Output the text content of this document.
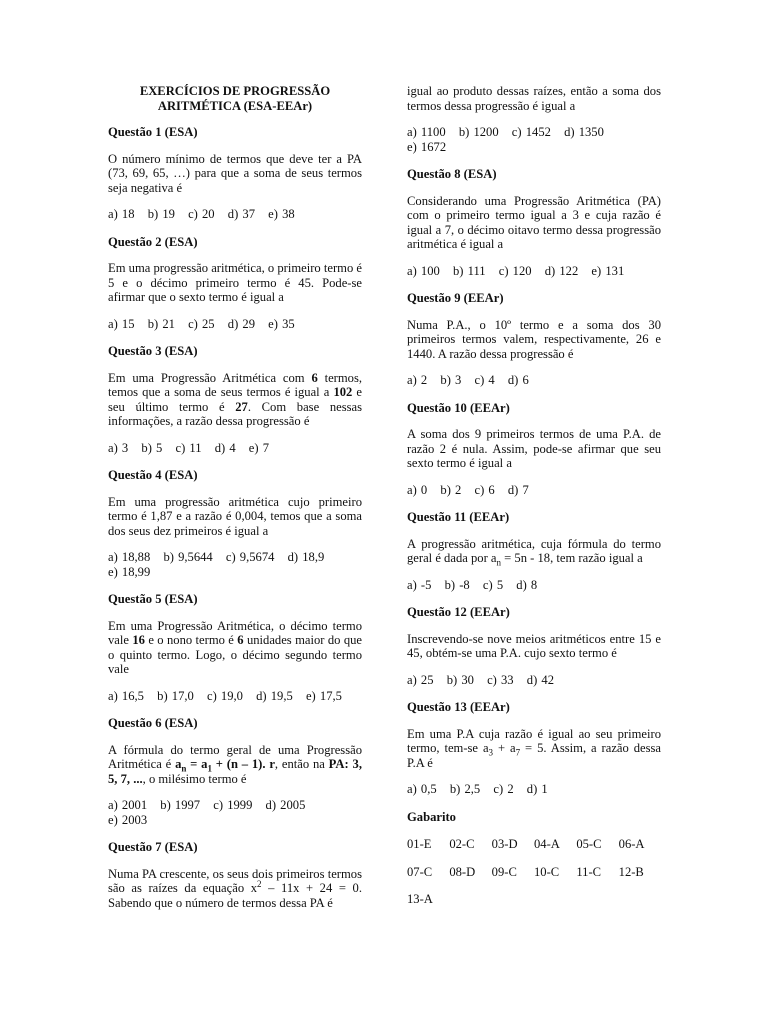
EXERCÍCIOS DE PROGRESSÃO
ARITMÉTICA (ESA-EEAr)
Questão 1 (ESA)
O número mínimo de termos que deve ter a PA (73, 69, 65, …) para que a soma de seus termos seja negativa é
a) 18 b) 19 c) 20 d) 37 e) 38
Questão 2 (ESA)
Em uma progressão aritmética, o primeiro termo é 5 e o décimo primeiro termo é 45. Pode-se afirmar que o sexto termo é igual a
a) 15 b) 21 c) 25 d) 29 e) 35
Questão 3 (ESA)
Em uma Progressão Aritmética com 6 termos, temos que a soma de seus termos é igual a 102 e seu último termo é 27. Com base nessas informações, a razão dessa progressão é
a) 3 b) 5 c) 11 d) 4 e) 7
Questão 4 (ESA)
Em uma progressão aritmética cujo primeiro termo é 1,87 e a razão é 0,004, temos que a soma dos seus dez primeiros é igual a
a) 18,88 b) 9,5644 c) 9,5674 d) 18,9 e) 18,99
Questão 5 (ESA)
Em uma Progressão Aritmética, o décimo termo vale 16 e o nono termo é 6 unidades maior do que o quinto termo. Logo, o décimo segundo termo vale
a) 16,5 b) 17,0 c) 19,0 d) 19,5 e) 17,5
Questão 6 (ESA)
A fórmula do termo geral de uma Progressão Aritmética é $a_n = a_1 + (n - 1)$. r, então na PA: 3, 5, 7, ..., o milésimo termo é
a) 2001 b) 1997 c) 1999 d) 2005 e) 2003
Questão 7 (ESA)
Numa PA crescente, os seus dois primeiros termos são as raízes da equação $x^2 - 11x + 24 = 0$. Sabendo que o número de termos dessa PA é
igual ao produto dessas raízes, então a soma dos termos dessa progressão é igual a
a) 1100 b) 1200 c) 1452 d) 1350 e) 1672
Questão 8 (ESA)
Considerando uma Progressão Aritmética (PA) com o primeiro termo igual a 3 e cuja razão é igual a 7, o décimo oitavo termo dessa progressão aritmética é igual a
a) 100 b) 111 c) 120 d) 122 e) 131
Questão 9 (EEAr)
Numa P.A., o 10º termo e a soma dos 30 primeiros termos valem, respectivamente, 26 e 1440. A razão dessa progressão é
a) 2 b) 3 c) 4 d) 6
Questão 10 (EEAr)
A soma dos 9 primeiros termos de uma P.A. de razão 2 é nula. Assim, pode-se afirmar que seu sexto termo é igual a
a) 0 b) 2 c) 6 d) 7
Questão 11 (EEAr)
A progressão aritmética, cuja fórmula do termo geral é dada por $a_n = 5n - 18$, tem razão igual a
a) -5 b) -8 c) 5 d) 8
Questão 12 (EEAr)
Inscrevendo-se nove meios aritméticos entre 15 e 45, obtém-se uma P.A. cujo sexto termo é
a) 25 b) 30 c) 33 d) 42
Questão 13 (EEAr)
Em uma P.A cuja razão é igual ao seu primeiro termo, tem-se $a_3 + a_7 = 5$. Assim, a razão dessa P.A é
a) 0,5 b) 2,5 c) 2 d) 1
Gabarito
01-E	02-C	03-D	04-A	05-C	06-A
07-C	08-D	09-C	10-C	11-C	12-B
13-A
